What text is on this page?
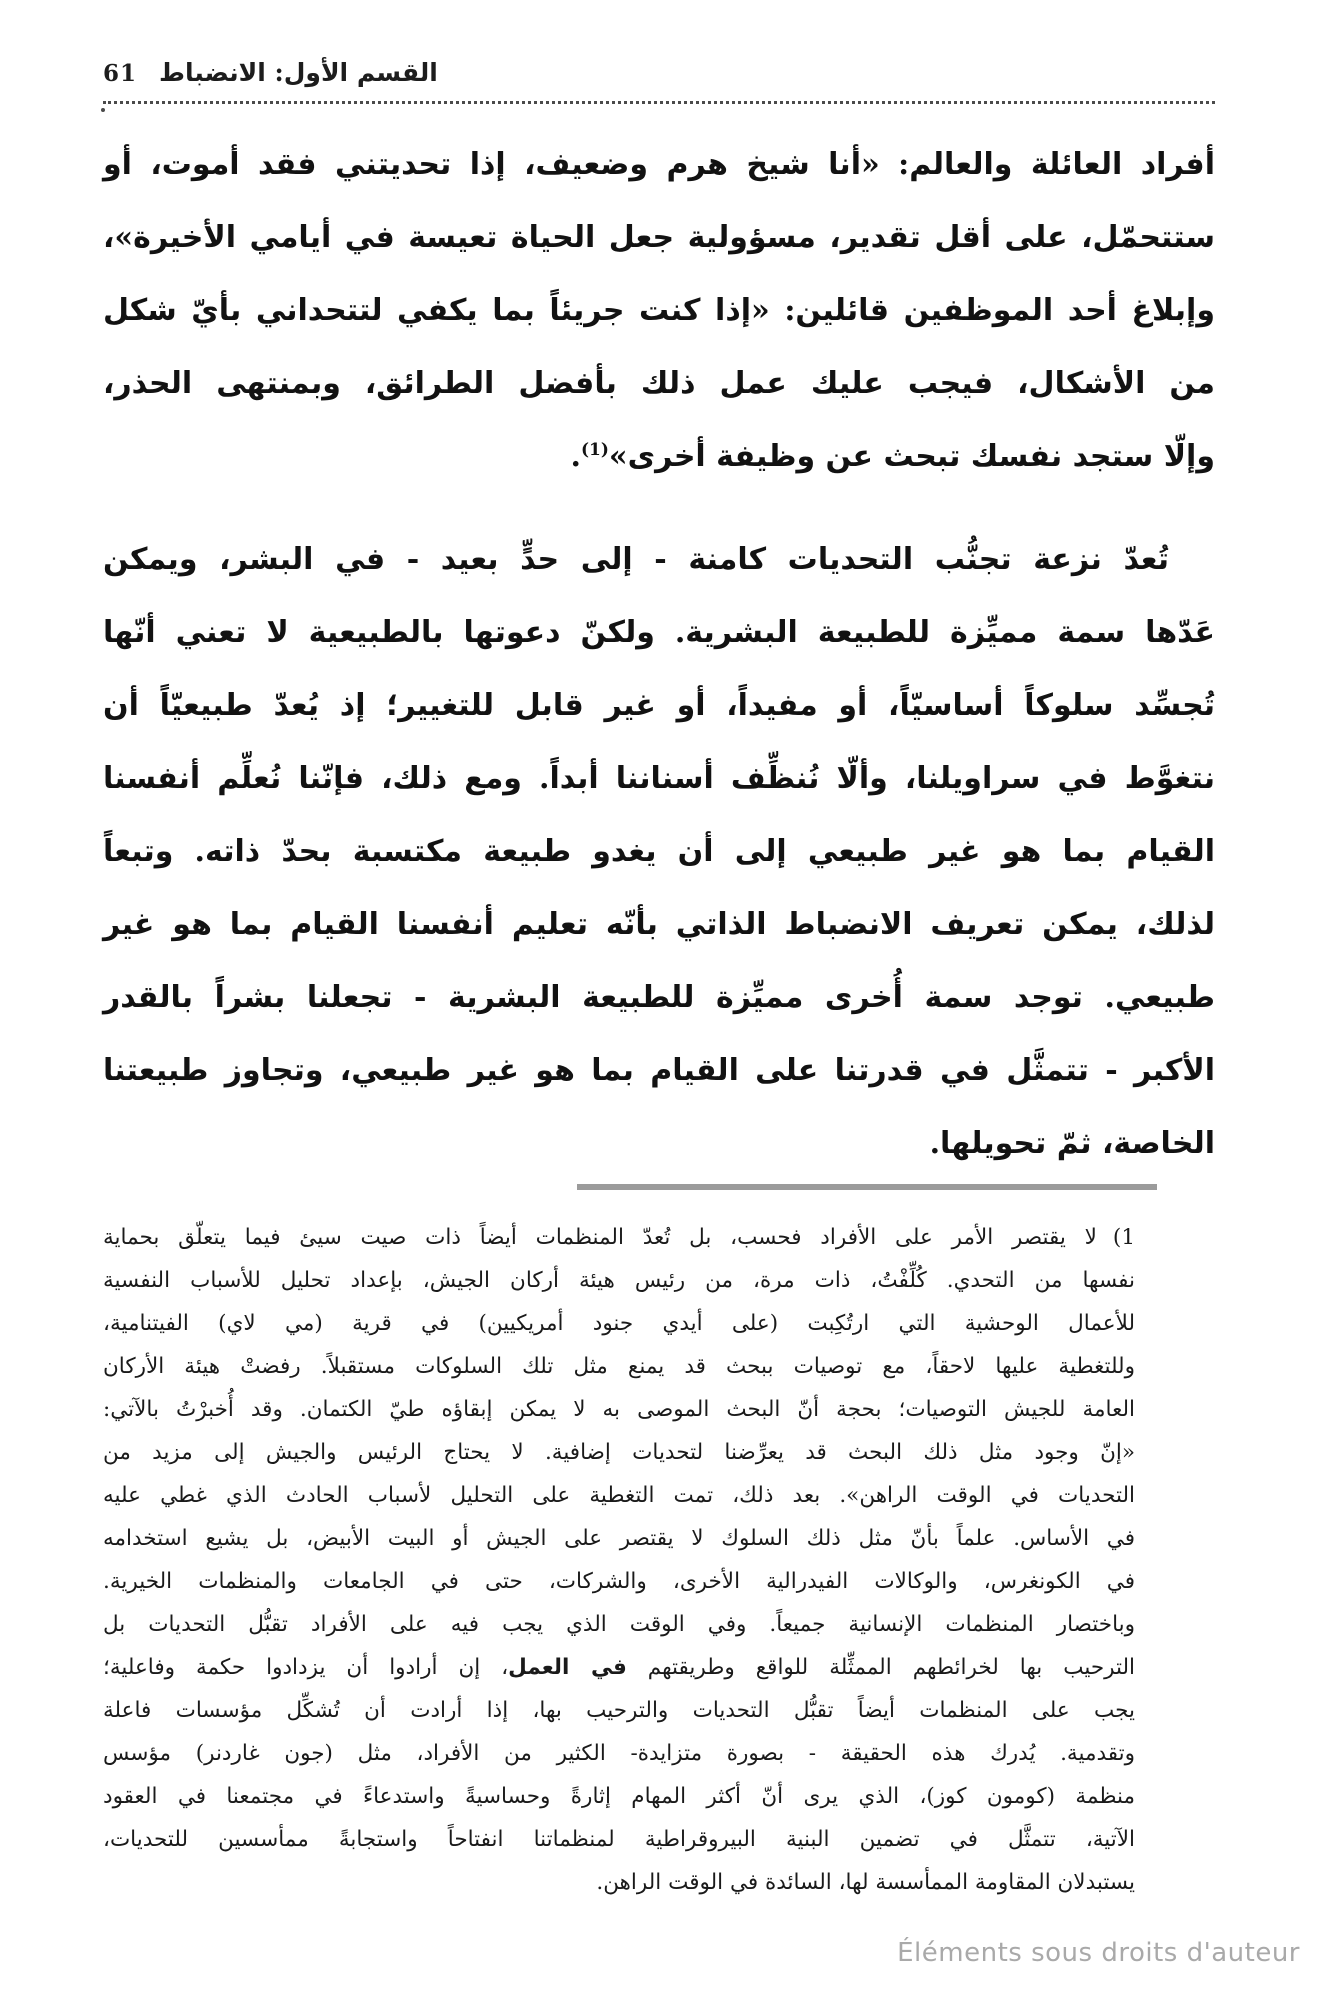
القسم الأول: الانضباط
61
أفراد العائلة والعالم: «أنا شيخ هرم وضعيف، إذا تحديتني فقد أموت، أو
ستتحمّل، على أقل تقدير، مسؤولية جعل الحياة تعيسة في أيامي الأخيرة»،
وإبلاغ أحد الموظفين قائلين: «إذا كنت جريئاً بما يكفي لتتحداني بأيّ شكل
من الأشكال، فيجب عليك عمل ذلك بأفضل الطرائق، وبمنتهى الحذر،
وإلّا ستجد نفسك تبحث عن وظيفة أخرى»$^{(1)}$.
تُعدّ نزعة تجنُّب التحديات كامنة - إلى حدٍّ بعيد - في البشر، ويمكن
عَدّها سمة مميِّزة للطبيعة البشرية. ولكنّ دعوتها بالطبيعية لا تعني أنّها
تُجسِّد سلوكاً أساسيّاً، أو مفيداً، أو غير قابل للتغيير؛ إذ يُعدّ طبيعيّاً أن
نتغوَّط في سراويلنا، وألّا نُنظِّف أسناننا أبداً. ومع ذلك، فإنّنا نُعلِّم أنفسنا
القيام بما هو غير طبيعي إلى أن يغدو طبيعة مكتسبة بحدّ ذاته. وتبعاً
لذلك، يمكن تعريف الانضباط الذاتي بأنّه تعليم أنفسنا القيام بما هو غير
طبيعي. توجد سمة أُخرى مميِّزة للطبيعة البشرية - تجعلنا بشراً بالقدر
الأكبر - تتمثَّل في قدرتنا على القيام بما هو غير طبيعي، وتجاوز طبيعتنا
الخاصة، ثمّ تحويلها.
1)لا يقتصر الأمر على الأفراد فحسب، بل تُعدّ المنظمات أيضاً ذات صيت سيئ فيما يتعلّق بحماية
نفسها من التحدي. كُلِّفْتُ، ذات مرة، من رئيس هيئة أركان الجيش، بإعداد تحليل للأسباب النفسية
للأعمال الوحشية التي ارتُكِبت (على أيدي جنود أمريكيين) في قرية (مي لاي) الفيتنامية،
وللتغطية عليها لاحقاً، مع توصيات ببحث قد يمنع مثل تلك السلوكات مستقبلاً. رفضتْ هيئة الأركان
العامة للجيش التوصيات؛ بحجة أنّ البحث الموصى به لا يمكن إبقاؤه طيّ الكتمان. وقد أُخبرْتُ بالآتي:
«إنّ وجود مثل ذلك البحث قد يعرِّضنا لتحديات إضافية. لا يحتاج الرئيس والجيش إلى مزيد من
التحديات في الوقت الراهن». بعد ذلك، تمت التغطية على التحليل لأسباب الحادث الذي غطي عليه
في الأساس. علماً بأنّ مثل ذلك السلوك لا يقتصر على الجيش أو البيت الأبيض، بل يشيع استخدامه
في الكونغرس، والوكالات الفيدرالية الأخرى، والشركات، حتى في الجامعات والمنظمات الخيرية.
وباختصار المنظمات الإنسانية جميعاً. وفي الوقت الذي يجب فيه على الأفراد تقبُّل التحديات بل
الترحيب بها لخرائطهم الممثِّلة للواقع وطريقتهم في العمل، إن أرادوا أن يزدادوا حكمة وفاعلية؛
يجب على المنظمات أيضاً تقبُّل التحديات والترحيب بها، إذا أرادت أن تُشكِّل مؤسسات فاعلة
وتقدمية. يُدرك هذه الحقيقة - بصورة متزايدة- الكثير من الأفراد، مثل (جون غاردنر) مؤسس
منظمة (كومون كوز)، الذي يرى أنّ أكثر المهام إثارةً وحساسيةً واستدعاءً في مجتمعنا في العقود
الآتية، تتمثَّل في تضمين البنية البيروقراطية لمنظماتنا انفتاحاً واستجابةً ممأسسين للتحديات،
يستبدلان المقاومة الممأسسة لها، السائدة في الوقت الراهن.
Éléments sous droits d'auteur
